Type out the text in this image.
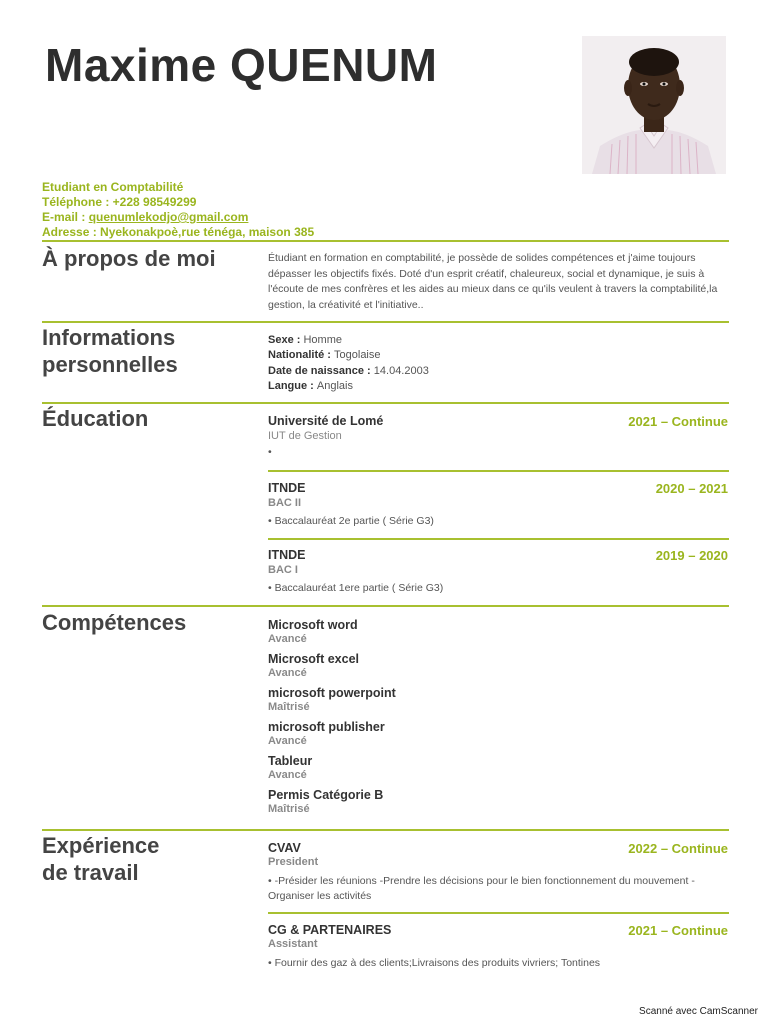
Maxime QUENUM
Etudiant en Comptabilité
Téléphone : +228 98549299
E-mail : quenumlekodjo@gmail.com
Adresse : Nyekonakpoè,rue ténéga, maison 385
À propos de moi	Étudiant en formation en comptabilité, je possède de solides compétences et j'aime toujours dépasser les objectifs fixés. Doté d'un esprit créatif, chaleureux, social et dynamique, je suis à l'écoute de mes confrères et les aides au mieux dans ce qu'ils veulent à travers la comptabilité,la gestion, la créativité et l'initiative..
Informations
personnelles
Sexe : Homme
Nationalité : Togolaise
Date de naissance : 14.04.2003
Langue : Anglais
Éducation	Université de Lomé	2021 – Continue
IUT de Gestion
•
ITNDE	2020 – 2021
BAC II
• Baccalauréat 2e partie ( Série G3)
ITNDE	2019 – 2020
BAC I
• Baccalauréat 1ere partie ( Série G3)
Compétences	Microsoft word
Avancé
Microsoft excel
Avancé
microsoft powerpoint
Maîtrisé
microsoft publisher
Avancé
Tableur
Avancé
Permis Catégorie B
Maîtrisé
Expérience
de travail
CVAV	2022 – Continue
President
• -Présider les réunions -Prendre les décisions pour le bien fonctionnement du mouvement -Organiser les activités
CG & PARTENAIRES	2021 – Continue
Assistant
• Fournir des gaz à des clients;Livraisons des produits vivriers; Tontines
Scanné avec CamScanner
